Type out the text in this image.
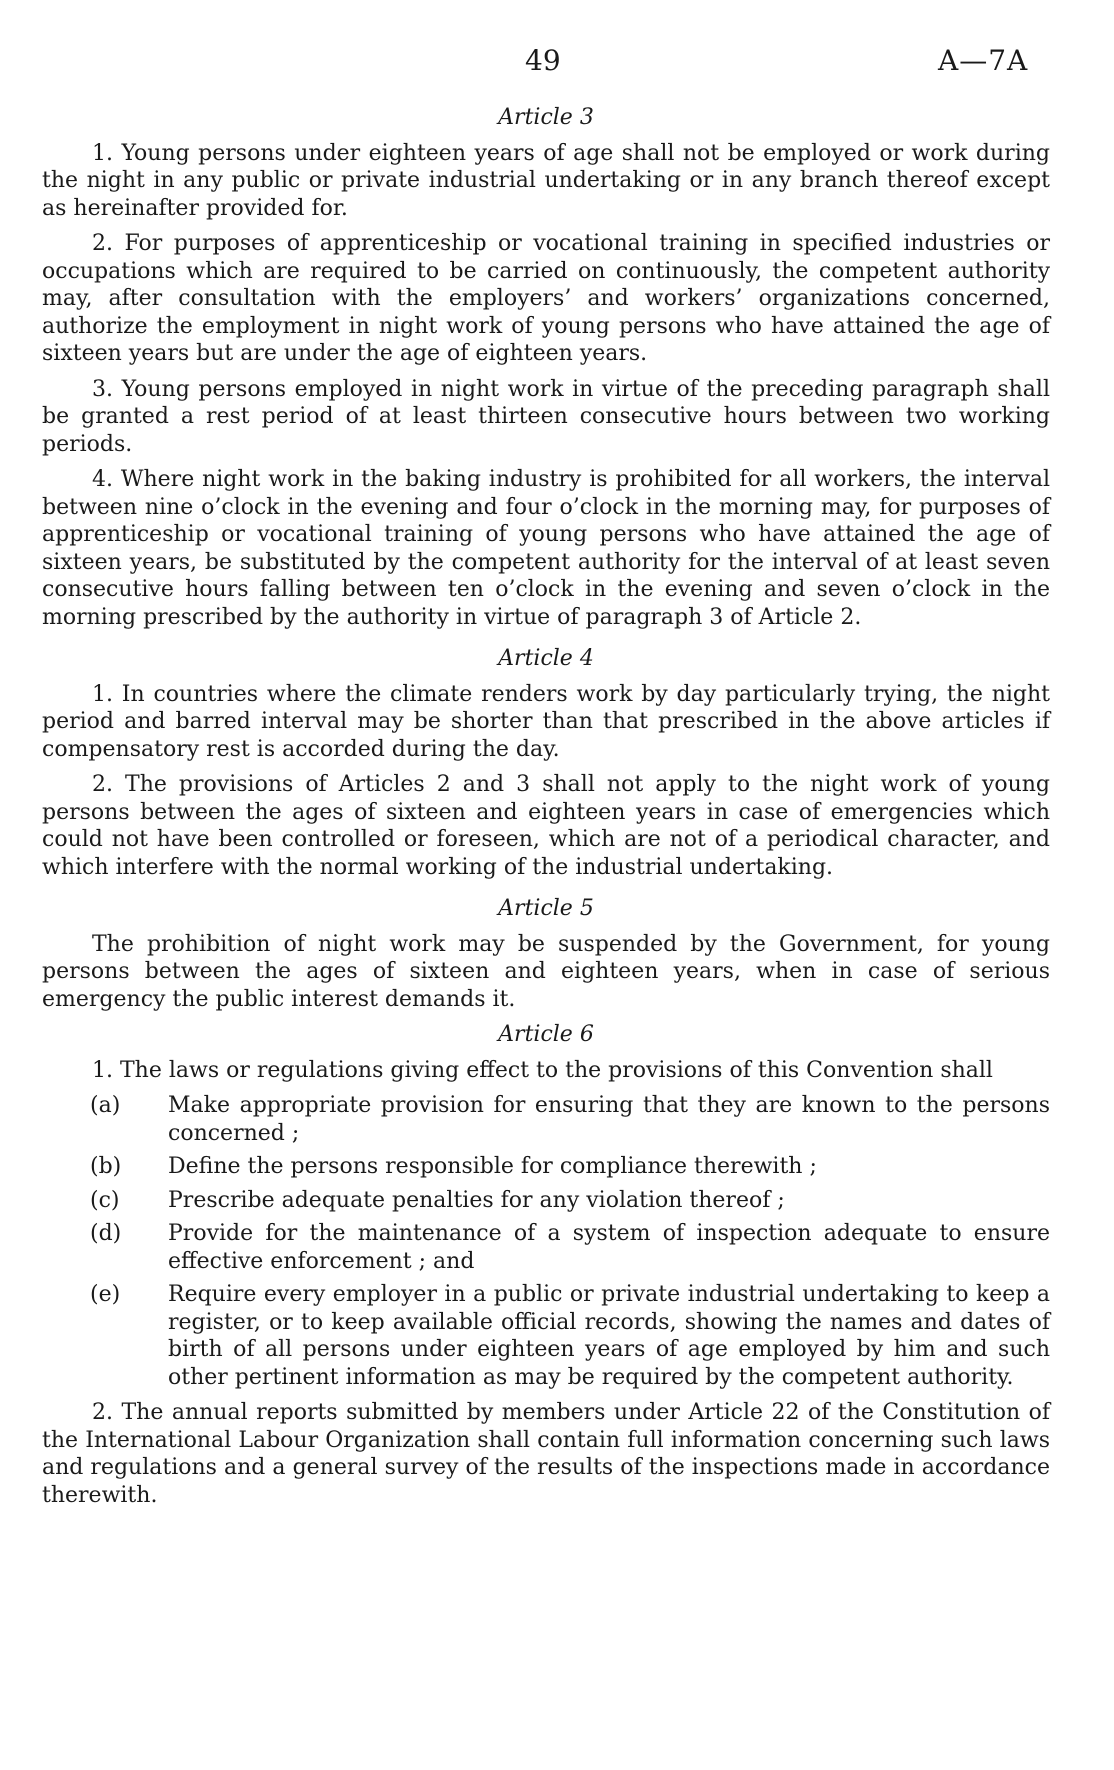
49	A—7A

Article 3

1. Young persons under eighteen years of age shall not be employed or work during the night in any public or private industrial undertaking or in any branch thereof except as hereinafter provided for.

2. For purposes of apprenticeship or vocational training in specified industries or occupations which are required to be carried on continuously, the competent authority may, after consultation with the employers’ and workers’ organizations concerned, authorize the employment in night work of young persons who have attained the age of sixteen years but are under the age of eighteen years.

3. Young persons employed in night work in virtue of the preceding paragraph shall be granted a rest period of at least thirteen consecutive hours between two working periods.

4. Where night work in the baking industry is prohibited for all workers, the interval between nine o’clock in the evening and four o’clock in the morning may, for purposes of apprenticeship or vocational training of young persons who have attained the age of sixteen years, be substituted by the competent authority for the interval of at least seven consecutive hours falling between ten o’clock in the evening and seven o’clock in the morning prescribed by the authority in virtue of paragraph 3 of Article 2.

Article 4

1. In countries where the climate renders work by day particularly trying, the night period and barred interval may be shorter than that prescribed in the above articles if compensatory rest is accorded during the day.

2. The provisions of Articles 2 and 3 shall not apply to the night work of young persons between the ages of sixteen and eighteen years in case of emergencies which could not have been controlled or foreseen, which are not of a periodical character, and which interfere with the normal working of the industrial undertaking.

Article 5

The prohibition of night work may be suspended by the Government, for young persons between the ages of sixteen and eighteen years, when in case of serious emergency the public interest demands it.

Article 6

1. The laws or regulations giving effect to the provisions of this Convention shall

(a) Make appropriate provision for ensuring that they are known to the persons concerned ;
(b) Define the persons responsible for compliance therewith ;
(c) Prescribe adequate penalties for any violation thereof ;
(d) Provide for the maintenance of a system of inspection adequate to ensure effective enforcement ; and
(e) Require every employer in a public or private industrial undertaking to keep a register, or to keep available official records, showing the names and dates of birth of all persons under eighteen years of age employed by him and such other pertinent information as may be required by the competent authority.

2. The annual reports submitted by members under Article 22 of the Constitution of the International Labour Organization shall contain full information concerning such laws and regulations and a general survey of the results of the inspections made in accordance therewith.
